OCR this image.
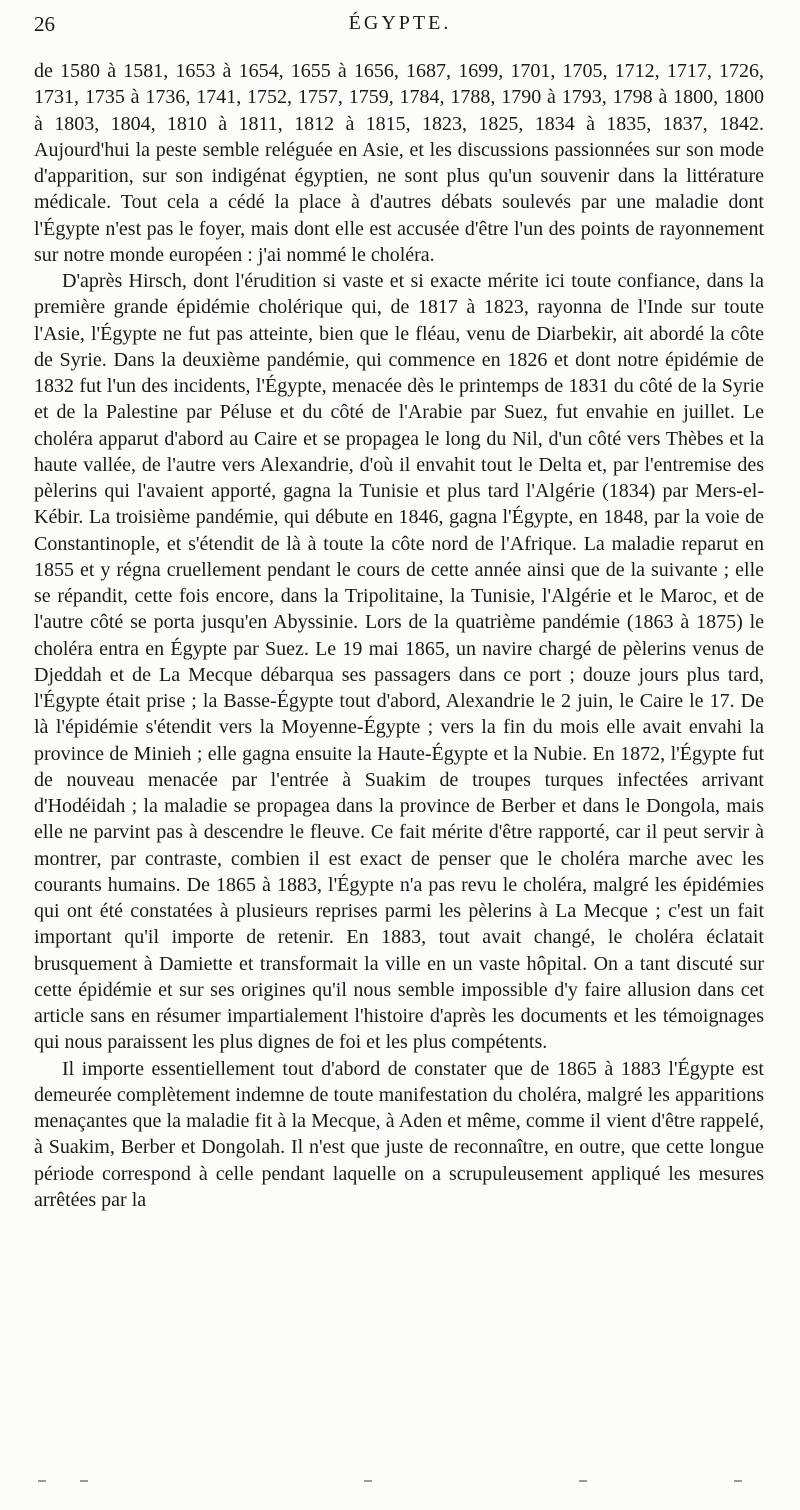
26	ÉGYPTE.

de 1580 à 1581, 1653 à 1654, 1655 à 1656, 1687, 1699, 1701, 1705, 1712, 1717, 1726, 1731, 1735 à 1736, 1741, 1752, 1757, 1759, 1784, 1788, 1790 à 1793, 1798 à 1800, 1800 à 1803, 1804, 1810 à 1811, 1812 à 1815, 1823, 1825, 1834 à 1835, 1837, 1842. Aujourd'hui la peste semble reléguée en Asie, et les discussions passionnées sur son mode d'apparition, sur son indigénat égyptien, ne sont plus qu'un souvenir dans la littérature médicale. Tout cela a cédé la place à d'autres débats soulevés par une maladie dont l'Égypte n'est pas le foyer, mais dont elle est accusée d'être l'un des points de rayonnement sur notre monde européen : j'ai nommé le choléra.

D'après Hirsch, dont l'érudition si vaste et si exacte mérite ici toute confiance, dans la première grande épidémie cholérique qui, de 1817 à 1823, rayonna de l'Inde sur toute l'Asie, l'Égypte ne fut pas atteinte, bien que le fléau, venu de Diarbekir, ait abordé la côte de Syrie. Dans la deuxième pandémie, qui commence en 1826 et dont notre épidémie de 1832 fut l'un des incidents, l'Égypte, menacée dès le printemps de 1831 du côté de la Syrie et de la Palestine par Péluse et du côté de l'Arabie par Suez, fut envahie en juillet. Le choléra apparut d'abord au Caire et se propagea le long du Nil, d'un côté vers Thèbes et la haute vallée, de l'autre vers Alexandrie, d'où il envahit tout le Delta et, par l'entremise des pèlerins qui l'avaient apporté, gagna la Tunisie et plus tard l'Algérie (1834) par Mers-el-Kébir. La troisième pandémie, qui débute en 1846, gagna l'Égypte, en 1848, par la voie de Constantinople, et s'étendit de là à toute la côte nord de l'Afrique. La maladie reparut en 1855 et y régna cruellement pendant le cours de cette année ainsi que de la suivante ; elle se répandit, cette fois encore, dans la Tripolitaine, la Tunisie, l'Algérie et le Maroc, et de l'autre côté se porta jusqu'en Abyssinie. Lors de la quatrième pandémie (1863 à 1875) le choléra entra en Égypte par Suez. Le 19 mai 1865, un navire chargé de pèlerins venus de Djeddah et de La Mecque débarqua ses passagers dans ce port ; douze jours plus tard, l'Égypte était prise ; la Basse-Égypte tout d'abord, Alexandrie le 2 juin, le Caire le 17. De là l'épidémie s'étendit vers la Moyenne-Égypte ; vers la fin du mois elle avait envahi la province de Minieh ; elle gagna ensuite la Haute-Égypte et la Nubie. En 1872, l'Égypte fut de nouveau menacée par l'entrée à Suakim de troupes turques infectées arrivant d'Hodéidah ; la maladie se propagea dans la province de Berber et dans le Dongola, mais elle ne parvint pas à descendre le fleuve. Ce fait mérite d'être rapporté, car il peut servir à montrer, par contraste, combien il est exact de penser que le choléra marche avec les courants humains. De 1865 à 1883, l'Égypte n'a pas revu le choléra, malgré les épidémies qui ont été constatées à plusieurs reprises parmi les pèlerins à La Mecque ; c'est un fait important qu'il importe de retenir. En 1883, tout avait changé, le choléra éclatait brusquement à Damiette et transformait la ville en un vaste hôpital. On a tant discuté sur cette épidémie et sur ses origines qu'il nous semble impossible d'y faire allusion dans cet article sans en résumer impartialement l'histoire d'après les documents et les témoignages qui nous paraissent les plus dignes de foi et les plus compétents.

Il importe essentiellement tout d'abord de constater que de 1865 à 1883 l'Égypte est demeurée complètement indemne de toute manifestation du choléra, malgré les apparitions menaçantes que la maladie fit à la Mecque, à Aden et même, comme il vient d'être rappelé, à Suakim, Berber et Dongolah. Il n'est que juste de reconnaître, en outre, que cette longue période correspond à celle pendant laquelle on a scrupuleusement appliqué les mesures arrêtées par la
